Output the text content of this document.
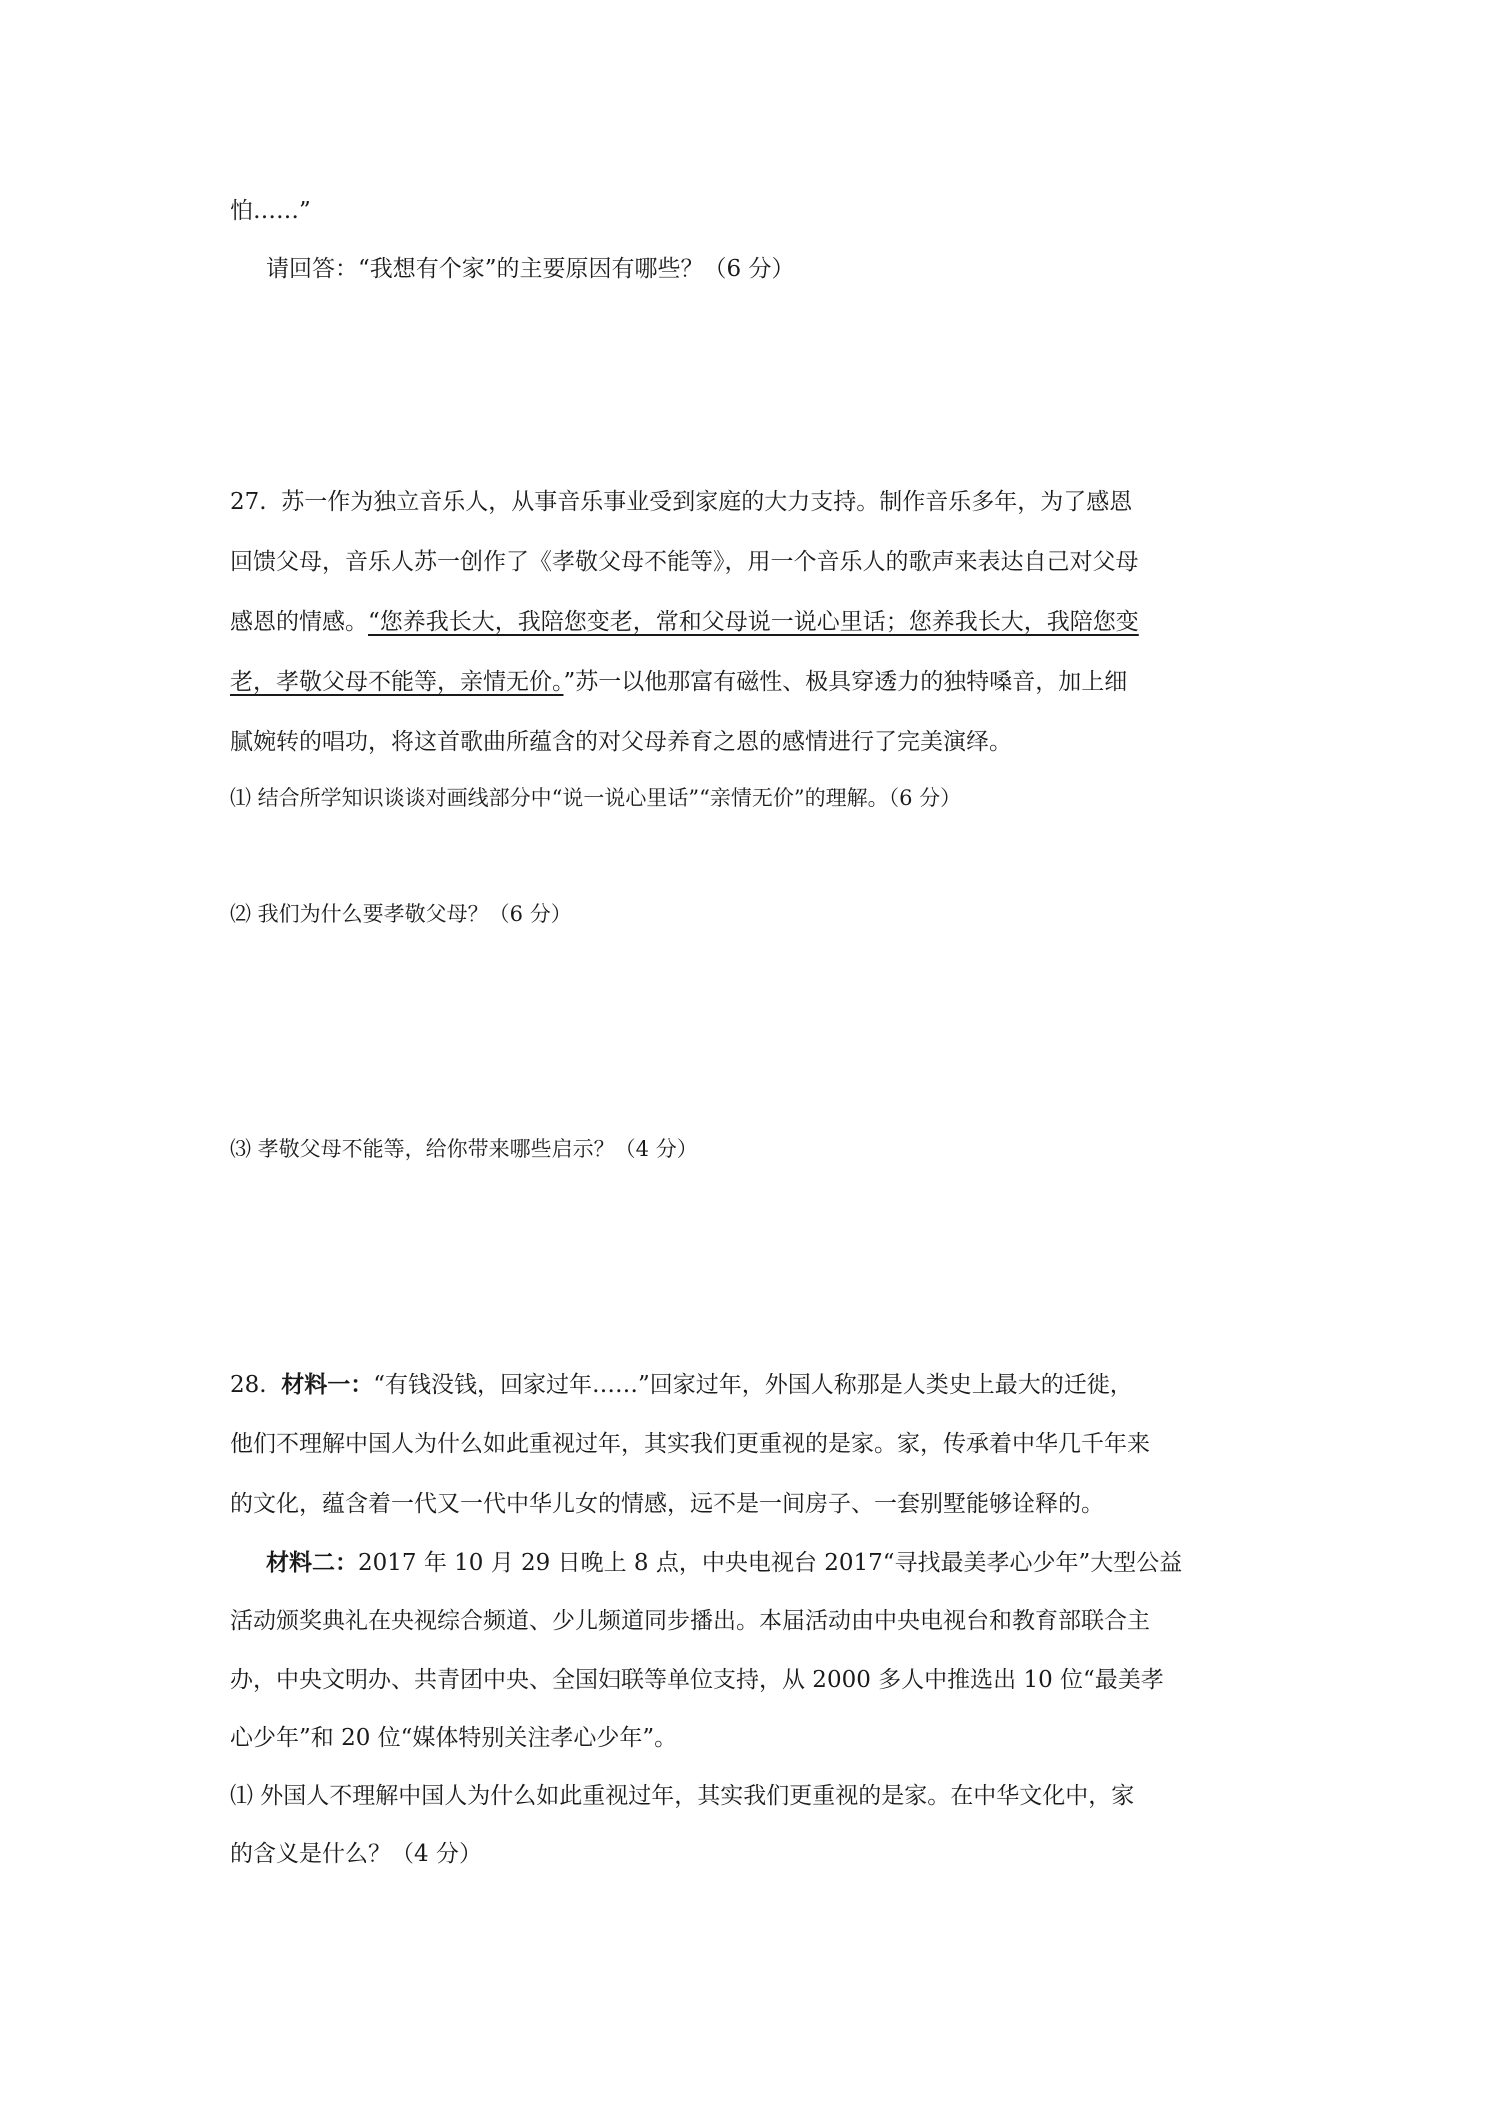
怕……”
请回答：“我想有个家”的主要原因有哪些？（6 分）
27. 苏一作为独立音乐人，从事音乐事业受到家庭的大力支持。制作音乐多年，为了感恩
回馈父母，音乐人苏一创作了《孝敬父母不能等》，用一个音乐人的歌声来表达自己对父母
感恩的情感。“您养我长大，我陪您变老，常和父母说一说心里话；您养我长大，我陪您变
老，孝敬父母不能等，亲情无价。”苏一以他那富有磁性、极具穿透力的独特嗓音，加上细
腻婉转的唱功，将这首歌曲所蕴含的对父母养育之恩的感情进行了完美演绎。
⑴ 结合所学知识谈谈对画线部分中“说一说心里话”“亲情无价”的理解。（6 分）
⑵ 我们为什么要孝敬父母？（6 分）
⑶ 孝敬父母不能等，给你带来哪些启示？（4 分）
28. 材料一：“有钱没钱，回家过年……”回家过年，外国人称那是人类史上最大的迁徙，
他们不理解中国人为什么如此重视过年，其实我们更重视的是家。家，传承着中华几千年来
的文化，蕴含着一代又一代中华儿女的情感，远不是一间房子、一套别墅能够诠释的。
材料二：2017 年 10 月 29 日晚上 8 点，中央电视台 2017“寻找最美孝心少年”大型公益
活动颁奖典礼在央视综合频道、少儿频道同步播出。本届活动由中央电视台和教育部联合主
办，中央文明办、共青团中央、全国妇联等单位支持，从 2000 多人中推选出 10 位“最美孝
心少年”和 20 位“媒体特别关注孝心少年”。
⑴ 外国人不理解中国人为什么如此重视过年，其实我们更重视的是家。在中华文化中，家
的含义是什么？（4 分）
